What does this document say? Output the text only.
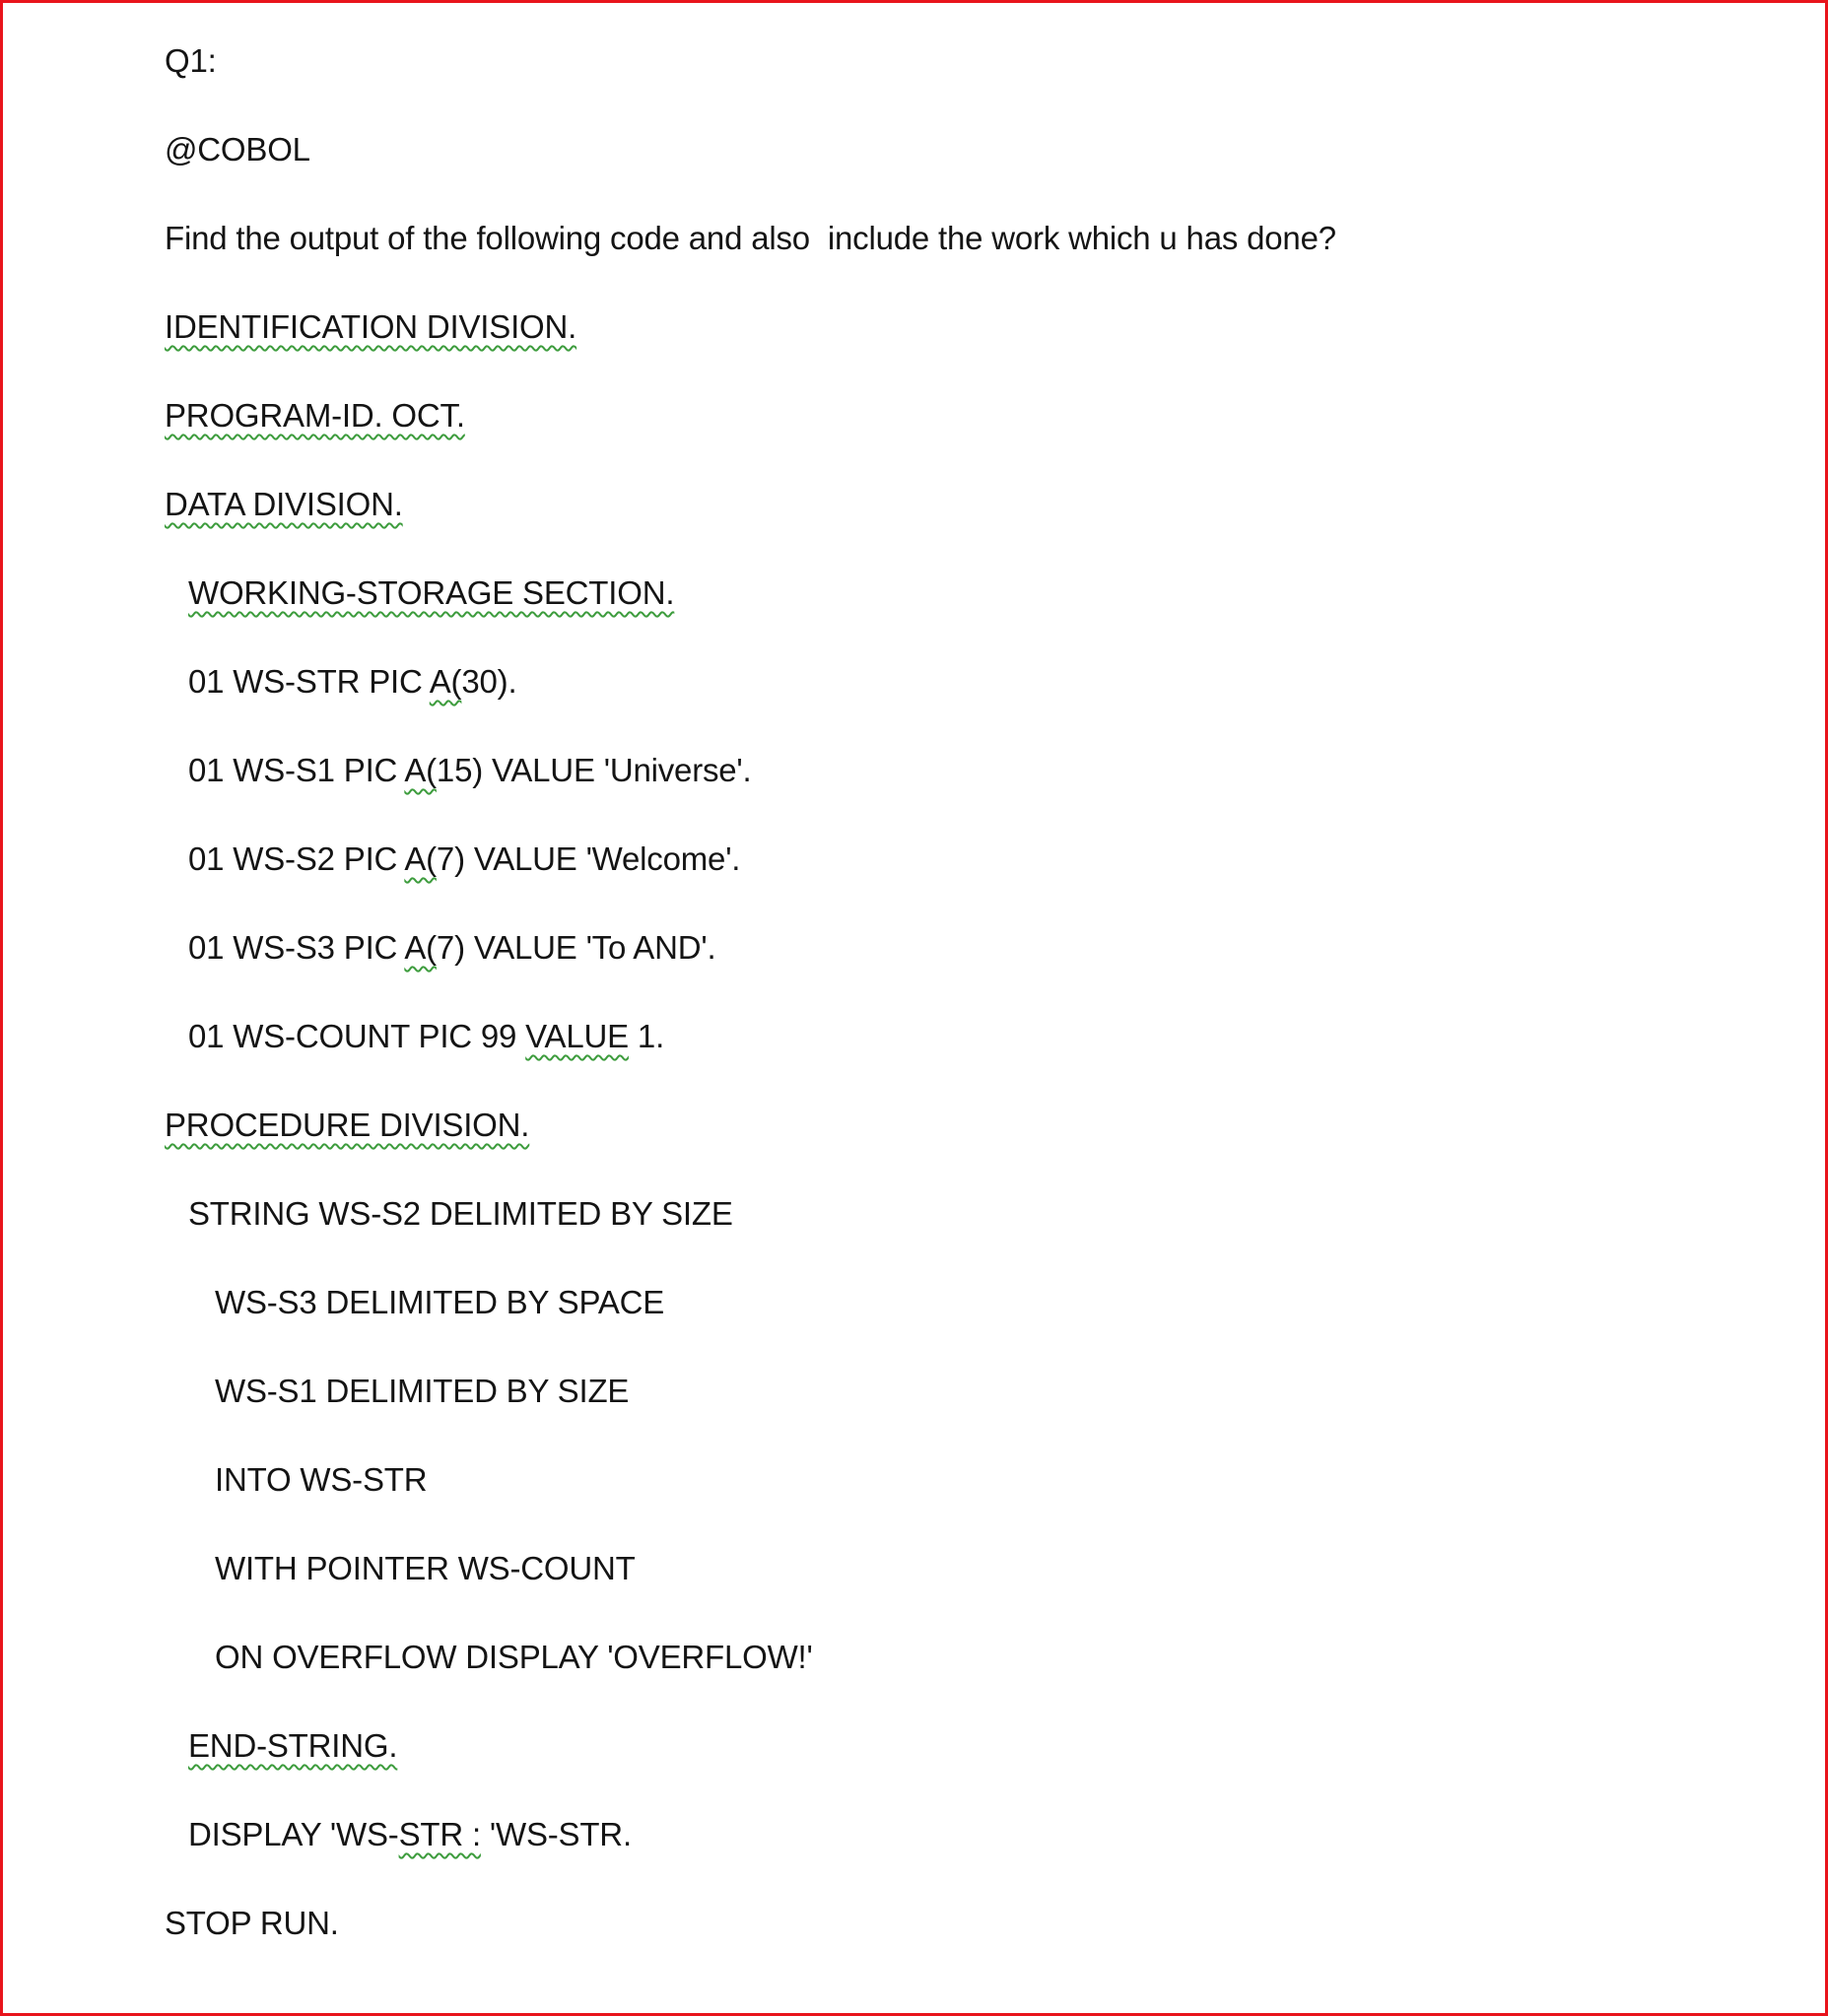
Q1:
@COBOL
Find the output of the following code and also  include the work which u has done?
IDENTIFICATION DIVISION.
PROGRAM-ID. OCT.
DATA DIVISION.
WORKING-STORAGE SECTION.
01 WS-STR PIC A(30).
01 WS-S1 PIC A(15) VALUE 'Universe'.
01 WS-S2 PIC A(7) VALUE 'Welcome'.
01 WS-S3 PIC A(7) VALUE 'To AND'.
01 WS-COUNT PIC 99 VALUE 1.
PROCEDURE DIVISION.
STRING WS-S2 DELIMITED BY SIZE
WS-S3 DELIMITED BY SPACE
WS-S1 DELIMITED BY SIZE
INTO WS-STR
WITH POINTER WS-COUNT
ON OVERFLOW DISPLAY 'OVERFLOW!'
END-STRING.
DISPLAY 'WS-STR : 'WS-STR.
STOP RUN.
